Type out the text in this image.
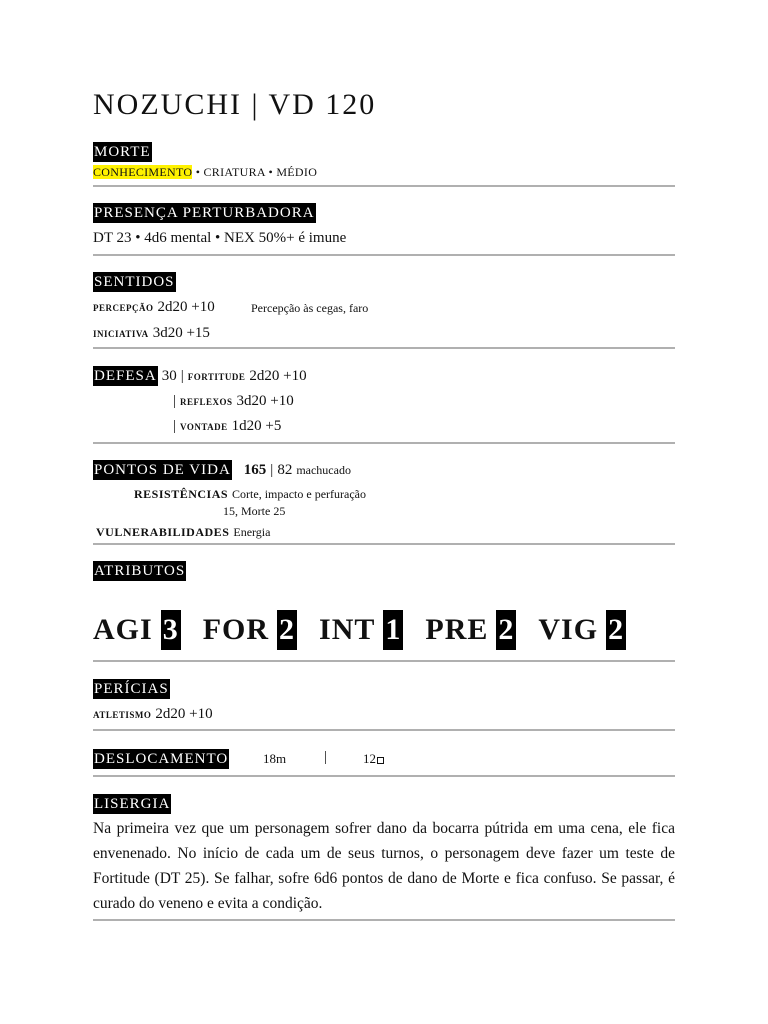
NOZUCHI | VD 120
MORTE
CONHECIMENTO • CRIATURA • MÉDIO
PRESENÇA PERTURBADORA
DT 23 • 4d6 mental • NEX 50%+ é imune
SENTIDOS
percepção 2d20 +10	Percepção às cegas, faro
iniciativa 3d20 +15
DEFESA 30 | fortitude 2d20 +10
| reflexos 3d20 +10
| vontade 1d20 +5
PONTOS DE VIDA 165 | 82 machucado
RESISTÊNCIAS Corte, impacto e perfuração
15, Morte 25
VULNERABILIDADES Energia
ATRIBUTOS
AGI 3 FOR 2 INT 1 PRE 2 VIG 2
PERÍCIAS
atletismo 2d20 +10
DESLOCAMENTO	18m	|	12
LISERGIA
Na primeira vez que um personagem sofrer dano da bocarra pútrida em uma cena, ele fica envenenado. No início de cada um de seus turnos, o personagem deve fazer um teste de Fortitude (DT 25). Se falhar, sofre 6d6 pontos de dano de Morte e fica confuso. Se passar, é curado do veneno e evita a condição.
